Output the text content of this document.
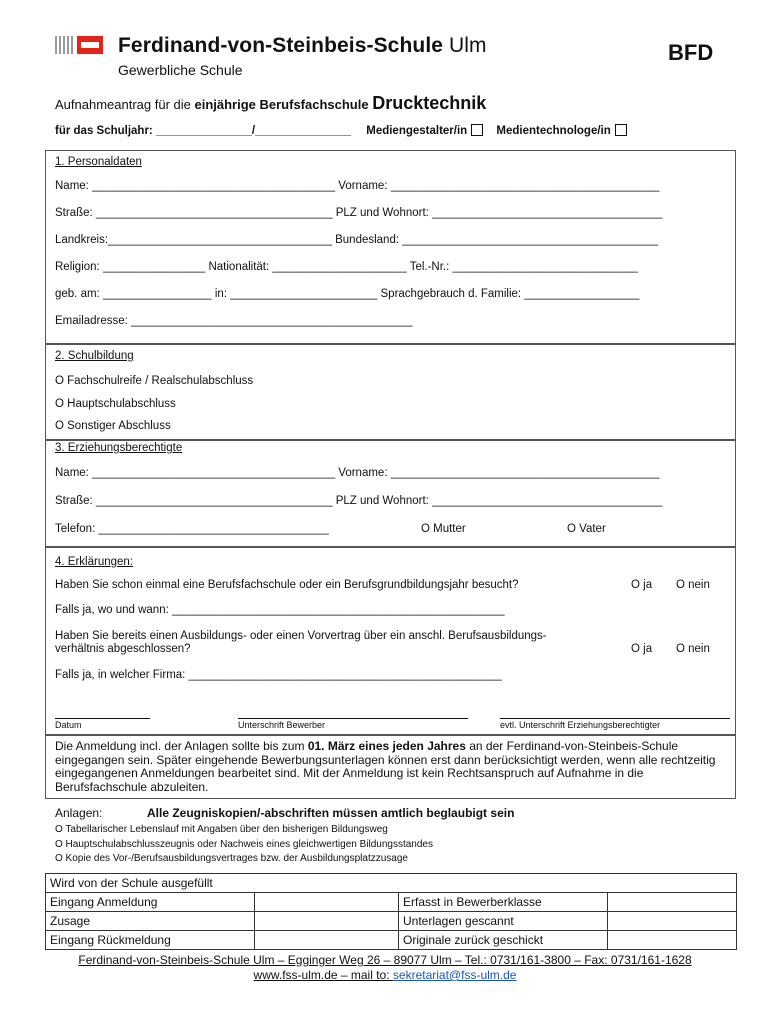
Ferdinand-von-Steinbeis-Schule Ulm
Gewerbliche Schule
BFD
Aufnahmeantrag für die einjährige Berufsfachschule Drucktechnik
für das Schuljahr: _______________/_______________ Mediengestalter/in	Medientechnologe/in
1. Personaldaten
Name: ______________________________________ Vorname: __________________________________________
Straße: _____________________________________ PLZ und Wohnort: ____________________________________
Landkreis:___________________________________ Bundesland: ________________________________________
Religion: ________________ Nationalität: _____________________ Tel.-Nr.: _____________________________
geb. am: _________________ in: _______________________ Sprachgebrauch d. Familie: __________________
Emailadresse: ____________________________________________
2. Schulbildung
O Fachschulreife / Realschulabschluss
O Hauptschulabschluss
O Sonstiger Abschluss
3. Erziehungsberechtigte
Name: ______________________________________ Vorname: __________________________________________
Straße: _____________________________________ PLZ und Wohnort: ____________________________________
Telefon: ____________________________________	O Mutter	O Vater
4. Erklärungen:
Haben Sie schon einmal eine Berufsfachschule oder ein Berufsgrundbildungsjahr besucht?	O ja O nein
Falls ja, wo und wann: ____________________________________________________
Haben Sie bereits einen Ausbildungs- oder einen Vorvertrag über ein anschl. Berufsausbildungs-
verhältnis abgeschlossen?	O ja O nein
Falls ja, in welcher Firma: _________________________________________________
Datum	Unterschrift Bewerber	evtl. Unterschrift Erziehungsberechtigter
Die Anmeldung incl. der Anlagen sollte bis zum 01. März eines jeden Jahres an der Ferdinand-von-Steinbeis-Schule eingegangen sein. Später eingehende Bewerbungsunterlagen können erst dann berücksichtigt werden, wenn alle rechtzeitig eingegangenen Anmeldungen bearbeitet sind. Mit der Anmeldung ist kein Rechtsanspruch auf Aufnahme in die Berufsfachschule abzuleiten.
Anlagen:	Alle Zeugniskopien/-abschriften müssen amtlich beglaubigt sein
O Tabellarischer Lebenslauf mit Angaben über den bisherigen Bildungsweg
O Hauptschulabschlusszeugnis oder Nachweis eines gleichwertigen Bildungsstandes
O Kopie des Vor-/Berufsausbildungsvertrages bzw. der Ausbildungsplatzzusage
Wird von der Schule ausgefüllt			
Eingang Anmeldung		Erfasst in Bewerberklasse	
Zusage		Unterlagen gescannt	
Eingang Rückmeldung		Originale zurück geschickt	
Ferdinand-von-Steinbeis-Schule Ulm – Egginger Weg 26 – 89077 Ulm – Tel.: 0731/161-3800 – Fax: 0731/161-1628
www.fss-ulm.de – mail to: sekretariat@fss-ulm.de
